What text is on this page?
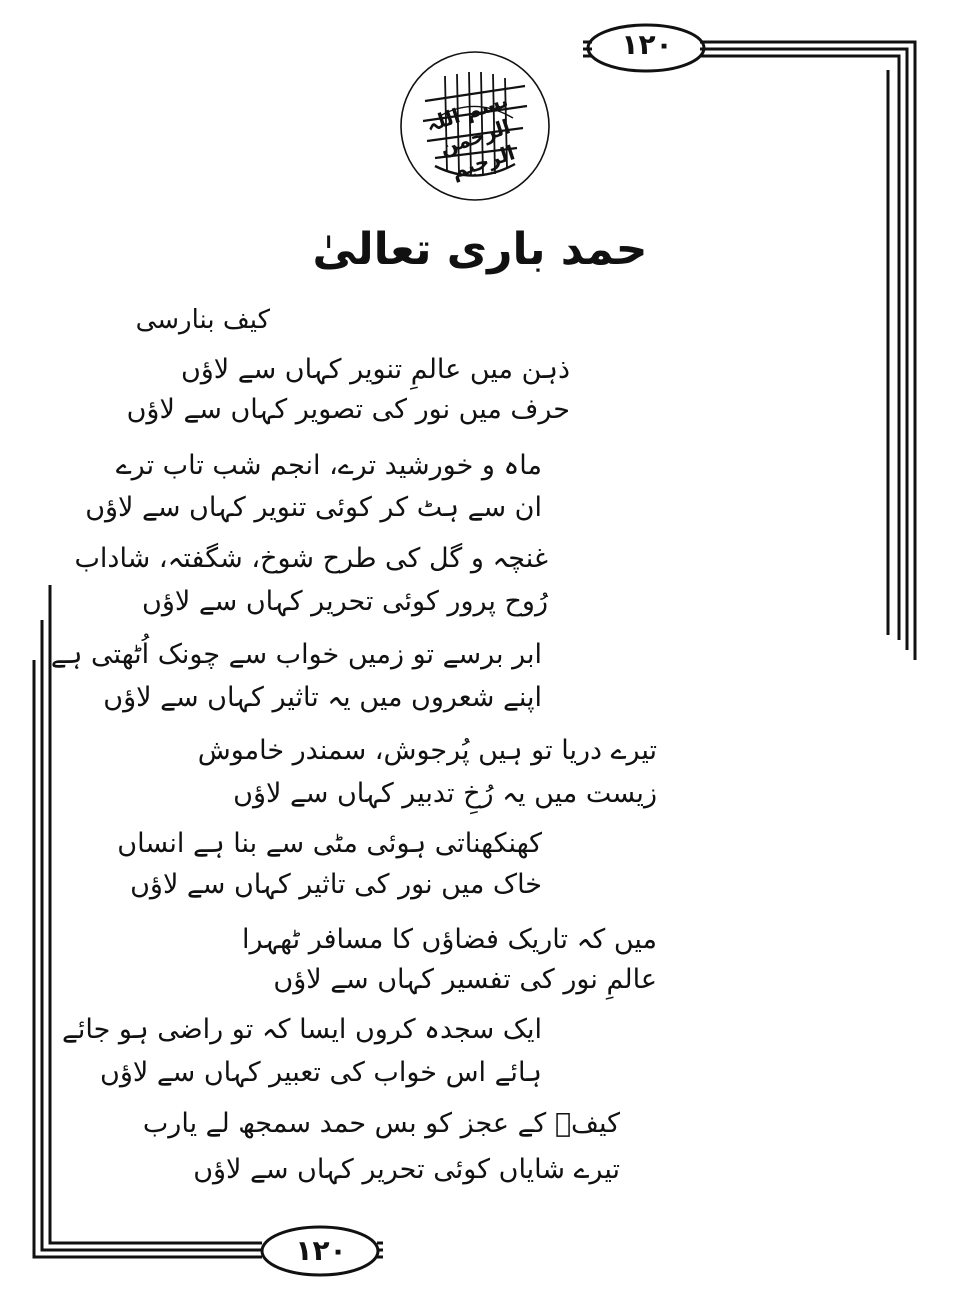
١٢٠
١٢٠
بسم اللہ الرحمن الرحیم
حمد باری تعالیٰ
کیف بنارسی
ذہن میں عالمِ تنویر کہاں سے لاؤں
حرف میں نور کی تصویر کہاں سے لاؤں
ماہ و خورشید ترے، انجم شب تاب ترے
ان سے ہٹ کر کوئی تنویر کہاں سے لاؤں
غنچہ و گل کی طرح شوخ، شگفتہ، شاداب
رُوح پرور کوئی تحریر کہاں سے لاؤں
ابر برسے تو زمیں خواب سے چونک اُٹھتی ہے
اپنے شعروں میں یہ تاثیر کہاں سے لاؤں
تیرے دریا تو ہیں پُرجوش، سمندر خاموش
زیست میں یہ رُخِ تدبیر کہاں سے لاؤں
کھنکھناتی ہوئی مٹی سے بنا ہے انساں
خاک میں نور کی تاثیر کہاں سے لاؤں
میں کہ تاریک فضاؤں کا مسافر ٹھہرا
عالمِ نور کی تفسیر کہاں سے لاؤں
ایک سجدہ کروں ایسا کہ تو راضی ہو جائے
ہائے اس خواب کی تعبیر کہاں سے لاؤں
کیفؔ کے عجز کو بس حمد سمجھ لے یارب
تیرے شایاں کوئی تحریر کہاں سے لاؤں
